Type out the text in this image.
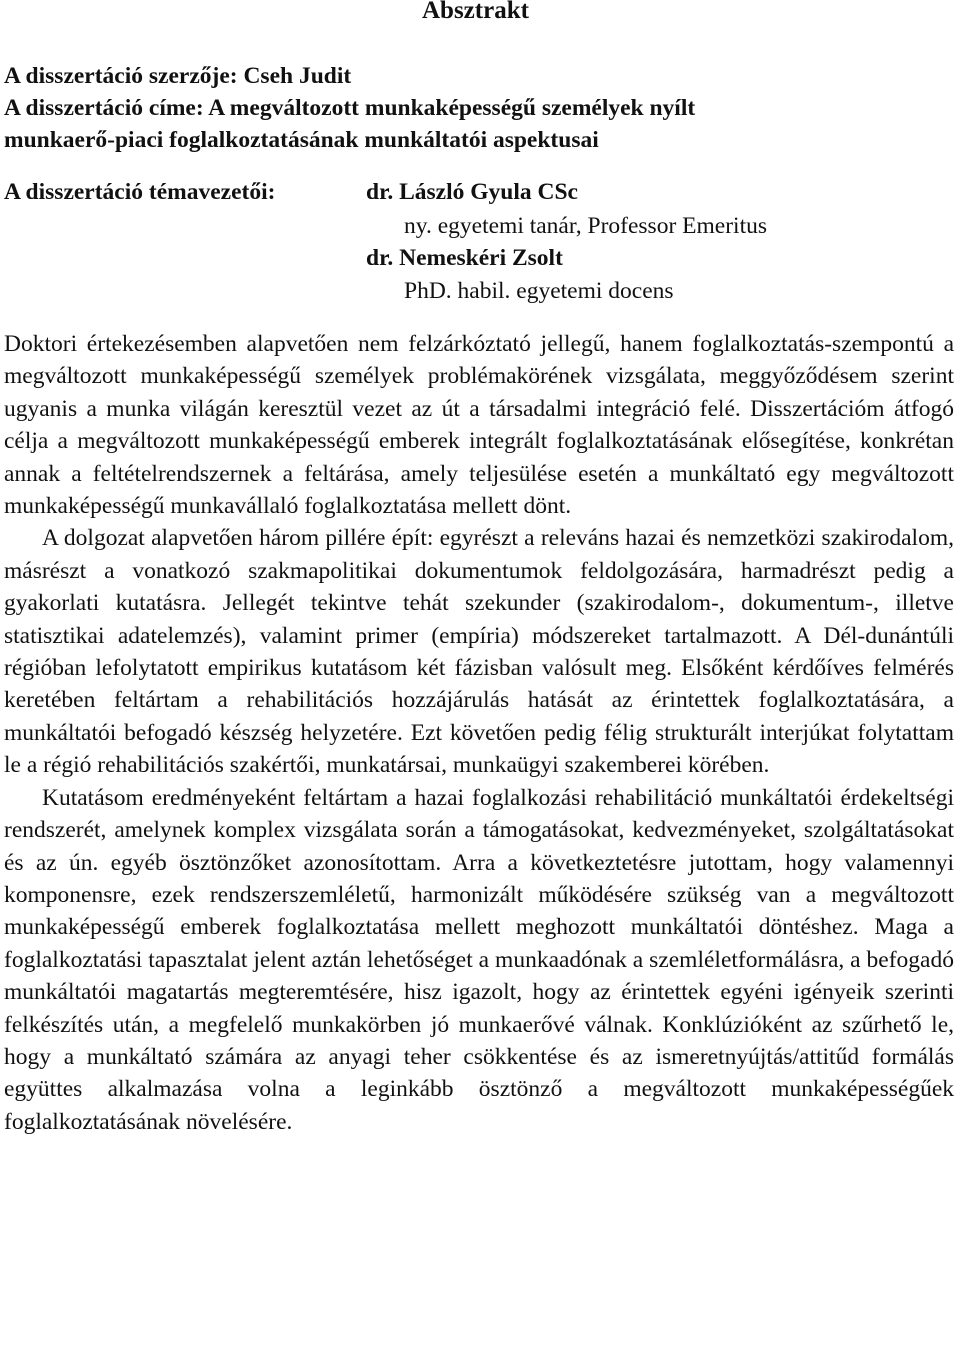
Absztrakt
A disszertáció szerzője: Cseh Judit
A disszertáció címe: A megváltozott munkaképességű személyek nyílt
munkaerő-piaci foglalkoztatásának munkáltatói aspektusai
A disszertáció témavezetői:	dr. László Gyula CSc
ny. egyetemi tanár, Professor Emeritus
dr. Nemeskéri Zsolt
PhD. habil. egyetemi docens

Doktori értekezésemben alapvetően nem felzárkóztató jellegű, hanem foglalkoztatás-szempontú a megváltozott munkaképességű személyek problémakörének vizsgálata, meggyőződésem szerint ugyanis a munka világán keresztül vezet az út a társadalmi integráció felé. Disszertációm átfogó célja a megváltozott munkaképességű emberek integrált foglalkoztatásának elősegítése, konkrétan annak a feltételrendszernek a feltárása, amely teljesülése esetén a munkáltató egy megváltozott munkaképességű munkavállaló foglalkoztatása mellett dönt.

A dolgozat alapvetően három pillére épít: egyrészt a releváns hazai és nemzetközi szakirodalom, másrészt a vonatkozó szakmapolitikai dokumentumok feldolgozására, harmadrészt pedig a gyakorlati kutatásra. Jellegét tekintve tehát szekunder (szakirodalom-, dokumentum-, illetve statisztikai adatelemzés), valamint primer (empíria) módszereket tartalmazott. A Dél-dunántúli régióban lefolytatott empirikus kutatásom két fázisban valósult meg. Elsőként kérdőíves felmérés keretében feltártam a rehabilitációs hozzájárulás hatását az érintettek foglalkoztatására, a munkáltatói befogadó készség helyzetére. Ezt követően pedig félig strukturált interjúkat folytattam le a régió rehabilitációs szakértői, munkatársai, munkaügyi szakemberei körében.

Kutatásom eredményeként feltártam a hazai foglalkozási rehabilitáció munkáltatói érdekeltségi rendszerét, amelynek komplex vizsgálata során a támogatásokat, kedvezményeket, szolgáltatásokat és az ún. egyéb ösztönzőket azonosítottam. Arra a következtetésre jutottam, hogy valamennyi komponensre, ezek rendszerszemléletű, harmonizált működésére szükség van a megváltozott munkaképességű emberek foglalkoztatása mellett meghozott munkáltatói döntéshez. Maga a foglalkoztatási tapasztalat jelent aztán lehetőséget a munkaadónak a szemléletformálásra, a befogadó munkáltatói magatartás megteremtésére, hisz igazolt, hogy az érintettek egyéni igényeik szerinti felkészítés után, a megfelelő munkakörben jó munkaerővé válnak. Konklúzióként az szűrhető le, hogy a munkáltató számára az anyagi teher csökkentése és az ismeretnyújtás/attitűd formálás együttes alkalmazása volna a leginkább ösztönző a megváltozott munkaképességűek foglalkoztatásának növelésére.
